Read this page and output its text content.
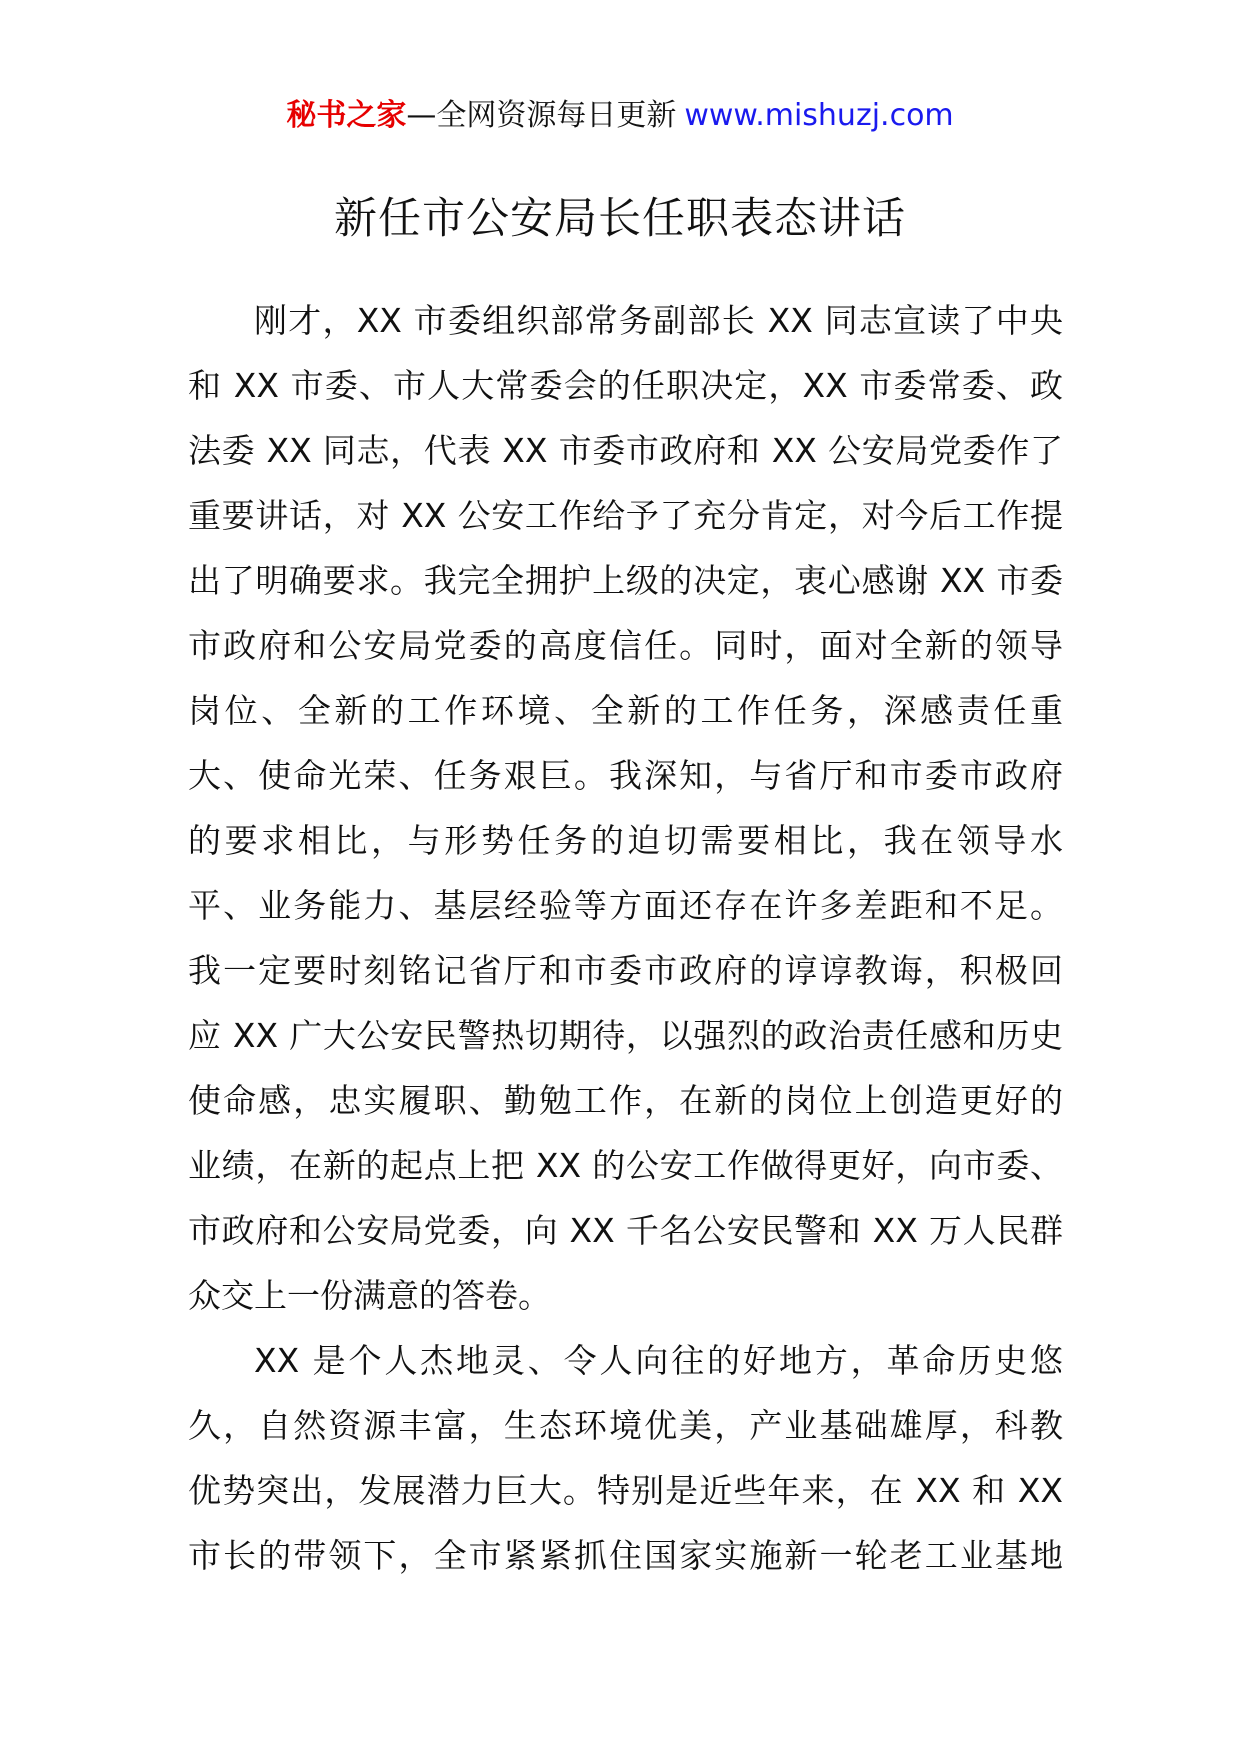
秘书之家—全网资源每日更新 www.mishuzj.com
新任市公安局长任职表态讲话
刚才，XX 市委组织部常务副部长 XX 同志宣读了中央
和 XX 市委、市人大常委会的任职决定，XX 市委常委、政
法委 XX 同志，代表 XX 市委市政府和 XX 公安局党委作了
重要讲话，对 XX 公安工作给予了充分肯定，对今后工作提
出了明确要求。我完全拥护上级的决定，衷心感谢 XX 市委
市政府和公安局党委的高度信任。同时，面对全新的领导
岗位、全新的工作环境、全新的工作任务，深感责任重
大、使命光荣、任务艰巨。我深知，与省厅和市委市政府
的要求相比，与形势任务的迫切需要相比，我在领导水
平、业务能力、基层经验等方面还存在许多差距和不足。
我一定要时刻铭记省厅和市委市政府的谆谆教诲，积极回
应 XX 广大公安民警热切期待，以强烈的政治责任感和历史
使命感，忠实履职、勤勉工作，在新的岗位上创造更好的
业绩，在新的起点上把 XX 的公安工作做得更好，向市委、
市政府和公安局党委，向 XX 千名公安民警和 XX 万人民群
众交上一份满意的答卷。
XX 是个人杰地灵、令人向往的好地方，革命历史悠
久，自然资源丰富，生态环境优美，产业基础雄厚，科教
优势突出，发展潜力巨大。特别是近些年来，在 XX 和 XX
市长的带领下，全市紧紧抓住国家实施新一轮老工业基地
